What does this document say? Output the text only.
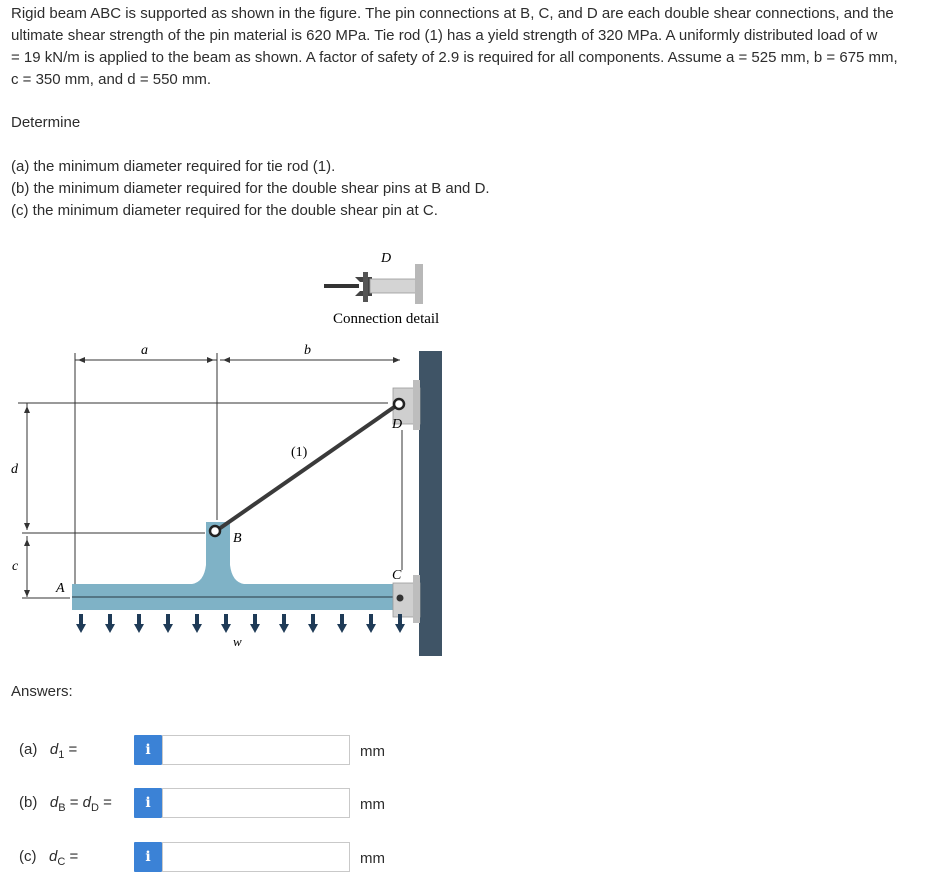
Rigid beam ABC is supported as shown in the figure. The pin connections at B, C, and D are each double shear connections, and the

ultimate shear strength of the pin material is 620 MPa. Tie rod (1) has a yield strength of 320 MPa. A uniformly distributed load of w

= 19 kN/m is applied to the beam as shown. A factor of safety of 2.9 is required for all components. Assume a = 525 mm, b = 675 mm,

c = 350 mm, and d = 550 mm.

Determine
(a) the minimum diameter required for tie rod (1).
(b) the minimum diameter required for the double shear pins at B and D.
(c) the minimum diameter required for the double shear pin at C.
D
Connection detail
a	b
d
c
(1)
A
B
C
D
w
Answers:
(a) $d_1$ =	i	mm
(b) $d_B = d_D$ =	i	mm
(c) $d_C$ =	i	mm
